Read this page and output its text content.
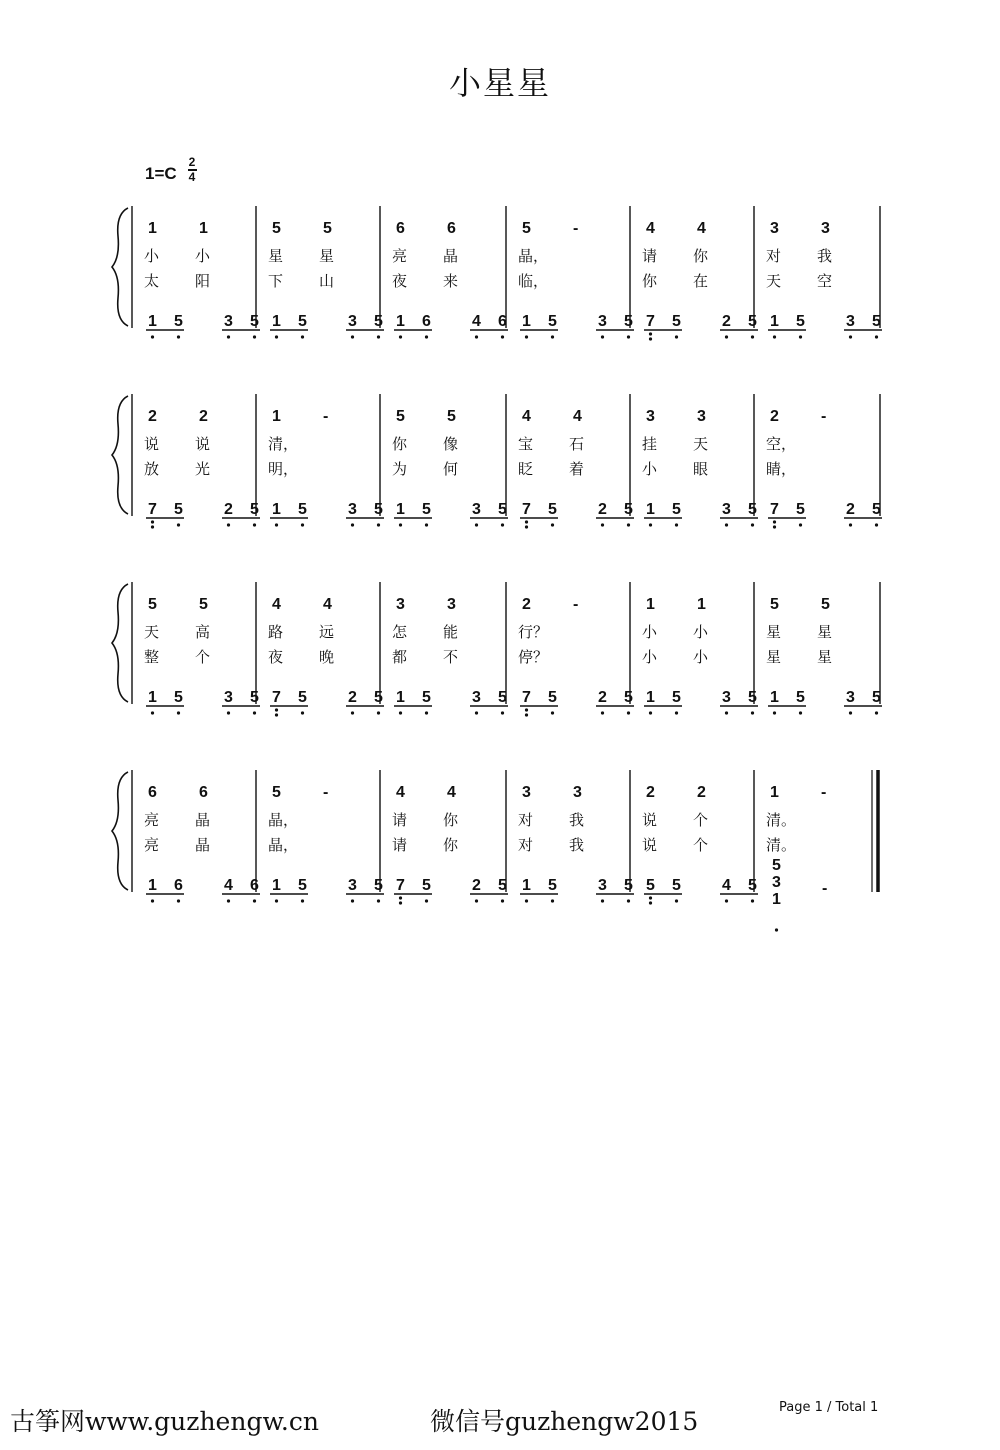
小星星
1=C
2
4
1	1
小 小
太 阳
1 5	3 5
5	5
星 星
下 山
1 5	3 5
6	6
亮 晶
夜 来
1 6	4 6
5	-
晶，
临，
1 5	3 5
4	4
请 你
你 在
7 5	2 5
3	3
对 我
天 空
1 5	3 5
2	2
说 说
放 光
7 5	2 5
1	-
清，
明，
1 5	3 5
5	5
你 像
为 何
1 5	3 5
4	4
宝 石
眨 着
7 5	2 5
3	3
挂 天
小 眼
1 5	3 5
2	-
空，
睛，
7 5	2 5
5	5
天 高
整 个
1 5	3 5
4	4
路 远
夜 晚
7 5	2 5
3	3
怎 能
都 不
1 5	3 5
2	-
行？
停？
7 5	2 5
1	1
小 小
小 小
1 5	3 5
5	5
星 星
星 星
1 5	3 5
6	6
亮 晶
亮 晶
1 6	4 6
5	-
晶，
晶，
1 5	3 5
4	4
请 你
请 你
7 5	2 5
3	3
对 我
对 我
1 5	3 5
2	2
说 个
说 个
5 5	4 5
1	-
清。
清。
5
3
1
-
古筝网www.guzhengw.cn	微信号guzhengw2015	Page 1 / Total 1
